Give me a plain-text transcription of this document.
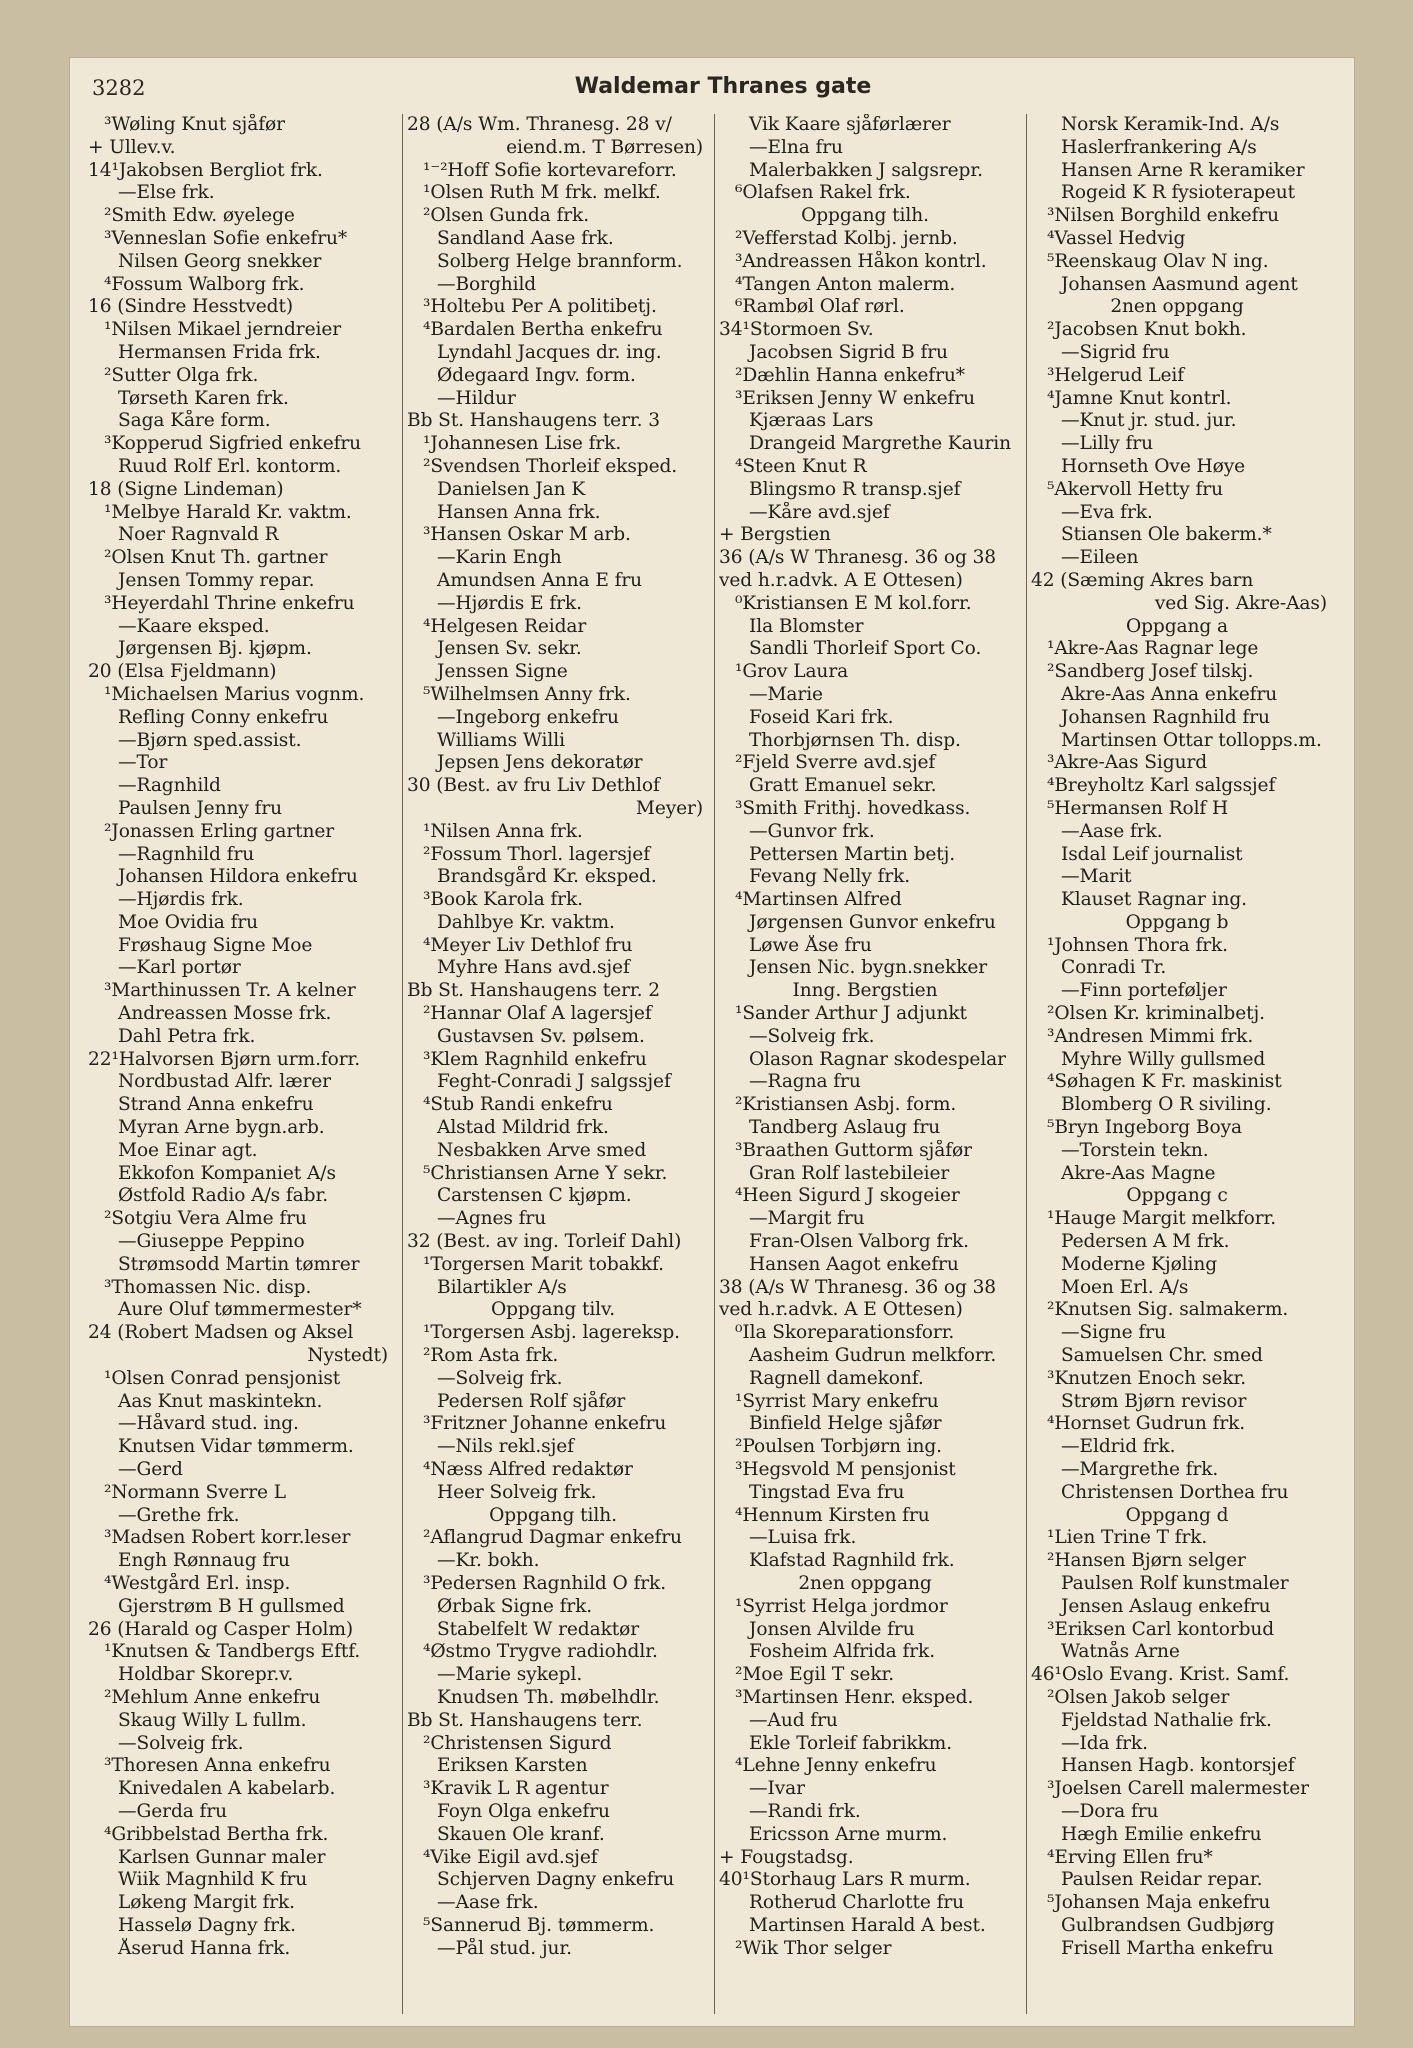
3282	Waldemar Thranes gate
³Wøling Knut sjåfør
+ Ullev.v.
14¹Jakobsen Bergliot frk.
—Else frk.
²Smith Edw. øyelege
³Venneslan Sofie enkefru*
Nilsen Georg snekker
⁴Fossum Walborg frk.
16 (Sindre Hesstvedt)
¹Nilsen Mikael jerndreier
Hermansen Frida frk.
²Sutter Olga frk.
Tørseth Karen frk.
Saga Kåre form.
³Kopperud Sigfried enkefru
Ruud Rolf Erl. kontorm.
18 (Signe Lindeman)
¹Melbye Harald Kr. vaktm.
Noer Ragnvald R
²Olsen Knut Th. gartner
Jensen Tommy repar.
³Heyerdahl Thrine enkefru
—Kaare eksped.
Jørgensen Bj. kjøpm.
20 (Elsa Fjeldmann)
¹Michaelsen Marius vognm.
Refling Conny enkefru
—Bjørn sped.assist.
—Tor
—Ragnhild
Paulsen Jenny fru
²Jonassen Erling gartner
—Ragnhild fru
Johansen Hildora enkefru
—Hjørdis frk.
Moe Ovidia fru
Frøshaug Signe Moe
—Karl portør
³Marthinussen Tr. A kelner
Andreassen Mosse frk.
Dahl Petra frk.
22¹Halvorsen Bjørn urm.forr.
Nordbustad Alfr. lærer
Strand Anna enkefru
Myran Arne bygn.arb.
Moe Einar agt.
Ekkofon Kompaniet A/s
Østfold Radio A/s fabr.
²Sotgiu Vera Alme fru
—Giuseppe Peppino
Strømsodd Martin tømrer
³Thomassen Nic. disp.
Aure Oluf tømmermester*
24 (Robert Madsen og Aksel
Nystedt)
¹Olsen Conrad pensjonist
Aas Knut maskintekn.
—Håvard stud. ing.
Knutsen Vidar tømmerm.
—Gerd
²Normann Sverre L
—Grethe frk.
³Madsen Robert korr.leser
Engh Rønnaug fru
⁴Westgård Erl. insp.
Gjerstrøm B H gullsmed
26 (Harald og Casper Holm)
¹Knutsen & Tandbergs Eftf.
Holdbar Skorepr.v.
²Mehlum Anne enkefru
Skaug Willy L fullm.
—Solveig frk.
³Thoresen Anna enkefru
Knivedalen A kabelarb.
—Gerda fru
⁴Gribbelstad Bertha frk.
Karlsen Gunnar maler
Wiik Magnhild K fru
Løkeng Margit frk.
Hasselø Dagny frk.
Åserud Hanna frk.
28 (A/s Wm. Thranesg. 28 v/
eiend.m. T Børresen)
¹⁻²Hoff Sofie kortevareforr.
¹Olsen Ruth M frk. melkf.
²Olsen Gunda frk.
Sandland Aase frk.
Solberg Helge brannform.
—Borghild
³Holtebu Per A politibetj.
⁴Bardalen Bertha enkefru
Lyndahl Jacques dr. ing.
Ødegaard Ingv. form.
—Hildur
Bb St. Hanshaugens terr. 3
¹Johannesen Lise frk.
²Svendsen Thorleif eksped.
Danielsen Jan K
Hansen Anna frk.
³Hansen Oskar M arb.
—Karin Engh
Amundsen Anna E fru
—Hjørdis E frk.
⁴Helgesen Reidar
Jensen Sv. sekr.
Jenssen Signe
⁵Wilhelmsen Anny frk.
—Ingeborg enkefru
Williams Willi
Jepsen Jens dekoratør
30 (Best. av fru Liv Dethlof
Meyer)
¹Nilsen Anna frk.
²Fossum Thorl. lagersjef
Brandsgård Kr. eksped.
³Book Karola frk.
Dahlbye Kr. vaktm.
⁴Meyer Liv Dethlof fru
Myhre Hans avd.sjef
Bb St. Hanshaugens terr. 2
²Hannar Olaf A lagersjef
Gustavsen Sv. pølsem.
³Klem Ragnhild enkefru
Feght-Conradi J salgssjef
⁴Stub Randi enkefru
Alstad Mildrid frk.
Nesbakken Arve smed
⁵Christiansen Arne Y sekr.
Carstensen C kjøpm.
—Agnes fru
32 (Best. av ing. Torleif Dahl)
¹Torgersen Marit tobakkf.
Bilartikler A/s
Oppgang tilv.
¹Torgersen Asbj. lagereksp.
²Rom Asta frk.
—Solveig frk.
Pedersen Rolf sjåfør
³Fritzner Johanne enkefru
—Nils rekl.sjef
⁴Næss Alfred redaktør
Heer Solveig frk.
Oppgang tilh.
²Aflangrud Dagmar enkefru
—Kr. bokh.
³Pedersen Ragnhild O frk.
Ørbak Signe frk.
Stabelfelt W redaktør
⁴Østmo Trygve radiohdlr.
—Marie sykepl.
Knudsen Th. møbelhdlr.
Bb St. Hanshaugens terr.
²Christensen Sigurd
Eriksen Karsten
³Kravik L R agentur
Foyn Olga enkefru
Skauen Ole kranf.
⁴Vike Eigil avd.sjef
Schjerven Dagny enkefru
—Aase frk.
⁵Sannerud Bj. tømmerm.
—Pål stud. jur.
Vik Kaare sjåførlærer
—Elna fru
Malerbakken J salgsrepr.
⁶Olafsen Rakel frk.
Oppgang tilh.
²Vefferstad Kolbj. jernb.
³Andreassen Håkon kontrl.
⁴Tangen Anton malerm.
⁶Rambøl Olaf rørl.
34¹Stormoen Sv.
Jacobsen Sigrid B fru
²Dæhlin Hanna enkefru*
³Eriksen Jenny W enkefru
Kjæraas Lars
Drangeid Margrethe Kaurin
⁴Steen Knut R
Blingsmo R transp.sjef
—Kåre avd.sjef
+ Bergstien
36 (A/s W Thranesg. 36 og 38
ved h.r.advk. A E Ottesen)
⁰Kristiansen E M kol.forr.
Ila Blomster
Sandli Thorleif Sport Co.
¹Grov Laura
—Marie
Foseid Kari frk.
Thorbjørnsen Th. disp.
²Fjeld Sverre avd.sjef
Gratt Emanuel sekr.
³Smith Frithj. hovedkass.
—Gunvor frk.
Pettersen Martin betj.
Fevang Nelly frk.
⁴Martinsen Alfred
Jørgensen Gunvor enkefru
Løwe Åse fru
Jensen Nic. bygn.snekker
Inng. Bergstien
¹Sander Arthur J adjunkt
—Solveig frk.
Olason Ragnar skodespelar
—Ragna fru
²Kristiansen Asbj. form.
Tandberg Aslaug fru
³Braathen Guttorm sjåfør
Gran Rolf lastebileier
⁴Heen Sigurd J skogeier
—Margit fru
Fran-Olsen Valborg frk.
Hansen Aagot enkefru
38 (A/s W Thranesg. 36 og 38
ved h.r.advk. A E Ottesen)
⁰Ila Skoreparationsforr.
Aasheim Gudrun melkforr.
Ragnell damekonf.
¹Syrrist Mary enkefru
Binfield Helge sjåfør
²Poulsen Torbjørn ing.
³Hegsvold M pensjonist
Tingstad Eva fru
⁴Hennum Kirsten fru
—Luisa frk.
Klafstad Ragnhild frk.
2nen oppgang
¹Syrrist Helga jordmor
Jonsen Alvilde fru
Fosheim Alfrida frk.
²Moe Egil T sekr.
³Martinsen Henr. eksped.
—Aud fru
Ekle Torleif fabrikkm.
⁴Lehne Jenny enkefru
—Ivar
—Randi frk.
Ericsson Arne murm.
+ Fougstadsg.
40¹Storhaug Lars R murm.
Rotherud Charlotte fru
Martinsen Harald A best.
²Wik Thor selger
Norsk Keramik-Ind. A/s
Haslerfrankering A/s
Hansen Arne R keramiker
Rogeid K R fysioterapeut
³Nilsen Borghild enkefru
⁴Vassel Hedvig
⁵Reenskaug Olav N ing.
Johansen Aasmund agent
2nen oppgang
²Jacobsen Knut bokh.
—Sigrid fru
³Helgerud Leif
⁴Jamne Knut kontrl.
—Knut jr. stud. jur.
—Lilly fru
Hornseth Ove Høye
⁵Akervoll Hetty fru
—Eva frk.
Stiansen Ole bakerm.*
—Eileen
42 (Sæming Akres barn
ved Sig. Akre-Aas)
Oppgang a
¹Akre-Aas Ragnar lege
²Sandberg Josef tilskj.
Akre-Aas Anna enkefru
Johansen Ragnhild fru
Martinsen Ottar tollopps.m.
³Akre-Aas Sigurd
⁴Breyholtz Karl salgssjef
⁵Hermansen Rolf H
—Aase frk.
Isdal Leif journalist
—Marit
Klauset Ragnar ing.
Oppgang b
¹Johnsen Thora frk.
Conradi Tr.
—Finn porteføljer
²Olsen Kr. kriminalbetj.
³Andresen Mimmi frk.
Myhre Willy gullsmed
⁴Søhagen K Fr. maskinist
Blomberg O R siviling.
⁵Bryn Ingeborg Boya
—Torstein tekn.
Akre-Aas Magne
Oppgang c
¹Hauge Margit melkforr.
Pedersen A M frk.
Moderne Kjøling
Moen Erl. A/s
²Knutsen Sig. salmakerm.
—Signe fru
Samuelsen Chr. smed
³Knutzen Enoch sekr.
Strøm Bjørn revisor
⁴Hornset Gudrun frk.
—Eldrid frk.
—Margrethe frk.
Christensen Dorthea fru
Oppgang d
¹Lien Trine T frk.
²Hansen Bjørn selger
Paulsen Rolf kunstmaler
Jensen Aslaug enkefru
³Eriksen Carl kontorbud
Watnås Arne
46¹Oslo Evang. Krist. Samf.
²Olsen Jakob selger
Fjeldstad Nathalie frk.
—Ida frk.
Hansen Hagb. kontorsjef
³Joelsen Carell malermester
—Dora fru
Hægh Emilie enkefru
⁴Erving Ellen fru*
Paulsen Reidar repar.
⁵Johansen Maja enkefru
Gulbrandsen Gudbjørg
Frisell Martha enkefru
